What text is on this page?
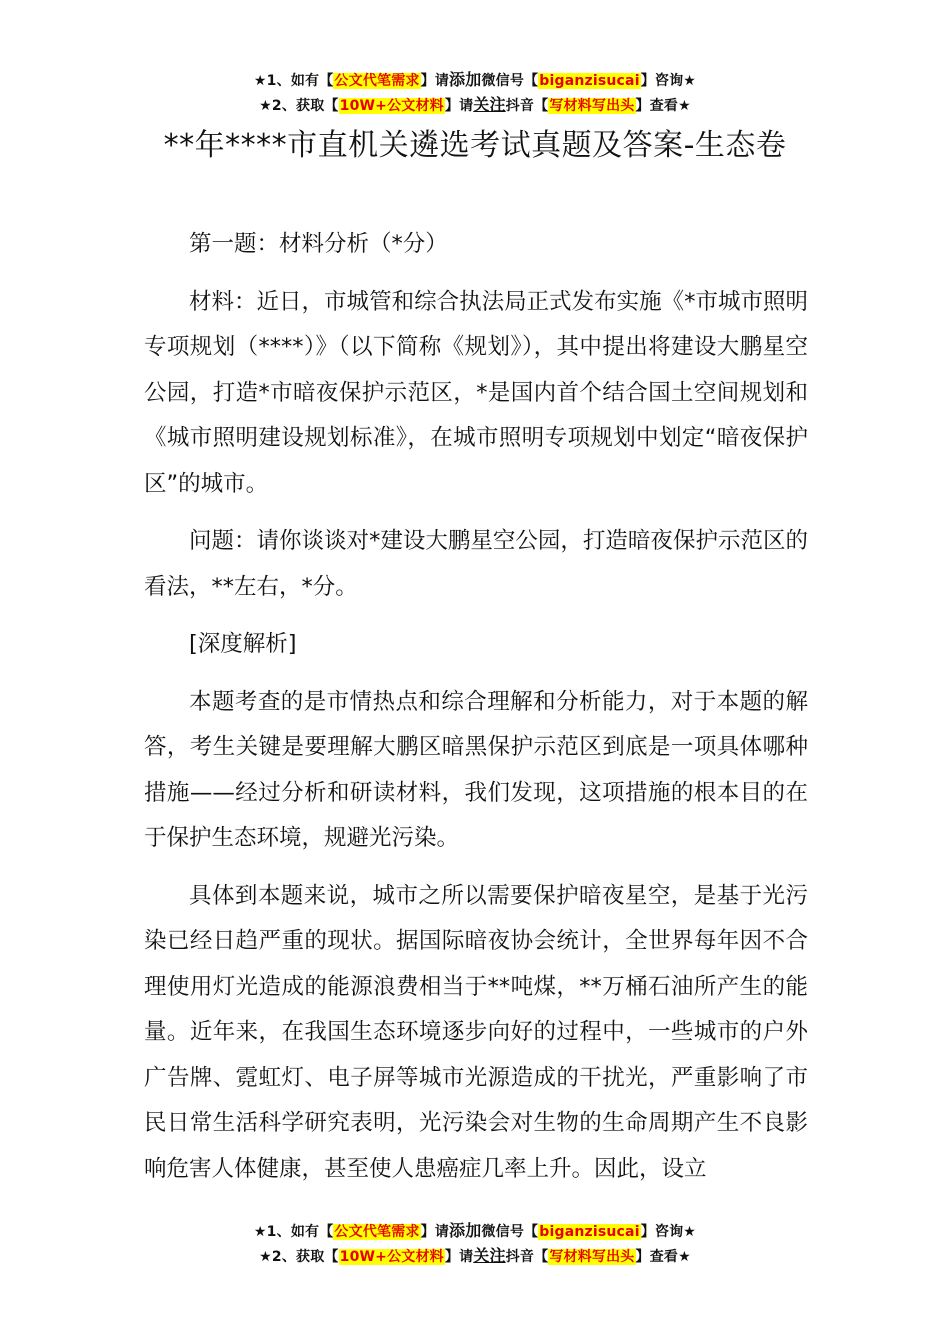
★1、如有【公文代笔需求】请添加微信号【biganzisucai】咨询★
★2、获取【10W+公文材料】请关注抖音【写材料写出头】查看★
**年****市直机关遴选考试真题及答案-生态卷

第一题：材料分析（*分）

材料：近日，市城管和综合执法局正式发布实施《*市城市照明专项规划（****）》（以下简称《规划》），其中提出将建设大鹏星空公园，打造*市暗夜保护示范区，*是国内首个结合国土空间规划和《城市照明建设规划标准》，在城市照明专项规划中划定“暗夜保护区”的城市。

问题：请你谈谈对*建设大鹏星空公园，打造暗夜保护示范区的看法，**左右，*分。

[深度解析]

本题考查的是市情热点和综合理解和分析能力，对于本题的解答，考生关键是要理解大鹏区暗黑保护示范区到底是一项具体哪种措施——经过分析和研读材料，我们发现，这项措施的根本目的在于保护生态环境，规避光污染。

具体到本题来说，城市之所以需要保护暗夜星空，是基于光污染已经日趋严重的现状。据国际暗夜协会统计，全世界每年因不合理使用灯光造成的能源浪费相当于**吨煤，**万桶石油所产生的能量。近年来，在我国生态环境逐步向好的过程中，一些城市的户外广告牌、霓虹灯、电子屏等城市光源造成的干扰光，严重影响了市民日常生活科学研究表明，光污染会对生物的生命周期产生不良影响危害人体健康，甚至使人患癌症几率上升。因此，设立

★1、如有【公文代笔需求】请添加微信号【biganzisucai】咨询★
★2、获取【10W+公文材料】请关注抖音【写材料写出头】查看★
